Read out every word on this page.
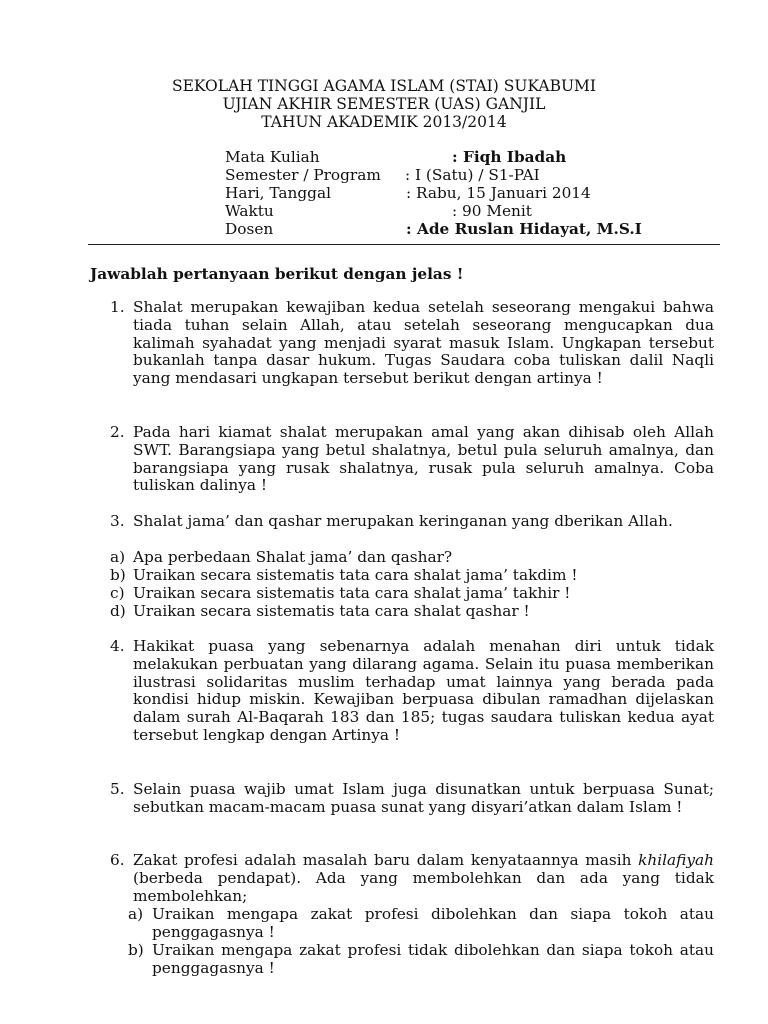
SEKOLAH TINGGI AGAMA ISLAM (STAI) SUKABUMI
UJIAN AKHIR SEMESTER (UAS) GANJIL
TAHUN AKADEMIK 2013/2014
Mata Kuliah	: Fiqh Ibadah
Semester / Program : I (Satu) / S1-PAI
Hari, Tanggal	: Rabu, 15 Januari 2014
Waktu	: 90 Menit
Dosen	: Ade Ruslan Hidayat, M.S.I
Jawablah pertanyaan berikut dengan jelas !
1. Shalat merupakan kewajiban kedua setelah seseorang mengakui bahwa tiada tuhan selain Allah, atau setelah seseorang mengucapkan dua kalimah syahadat yang menjadi syarat masuk Islam. Ungkapan tersebut bukanlah tanpa dasar hukum. Tugas Saudara coba tuliskan dalil Naqli yang mendasari ungkapan tersebut berikut dengan artinya !
2. Pada hari kiamat shalat merupakan amal yang akan dihisab oleh Allah SWT. Barangsiapa yang betul shalatnya, betul pula seluruh amalnya, dan barangsiapa yang rusak shalatnya, rusak pula seluruh amalnya. Coba tuliskan dalinya !
3. Shalat jama’ dan qashar merupakan keringanan yang dberikan Allah.
a) Apa perbedaan Shalat jama’ dan qashar?
b) Uraikan secara sistematis tata cara shalat jama’ takdim !
c) Uraikan secara sistematis tata cara shalat jama’ takhir !
d) Uraikan secara sistematis tata cara shalat qashar !
4. Hakikat puasa yang sebenarnya adalah menahan diri untuk tidak melakukan perbuatan yang dilarang agama. Selain itu puasa memberikan ilustrasi solidaritas muslim terhadap umat lainnya yang berada pada kondisi hidup miskin. Kewajiban berpuasa dibulan ramadhan dijelaskan dalam surah Al-Baqarah 183 dan 185; tugas saudara tuliskan kedua ayat tersebut lengkap dengan Artinya !
5. Selain puasa wajib umat Islam juga disunatkan untuk berpuasa Sunat; sebutkan macam-macam puasa sunat yang disyari’atkan dalam Islam !
6. Zakat profesi adalah masalah baru dalam kenyataannya masih khilafiyah (berbeda pendapat). Ada yang membolehkan dan ada yang tidak membolehkan;
a) Uraikan mengapa zakat profesi dibolehkan dan siapa tokoh atau penggagasnya !
b) Uraikan mengapa zakat profesi tidak dibolehkan dan siapa tokoh atau penggagasnya !
